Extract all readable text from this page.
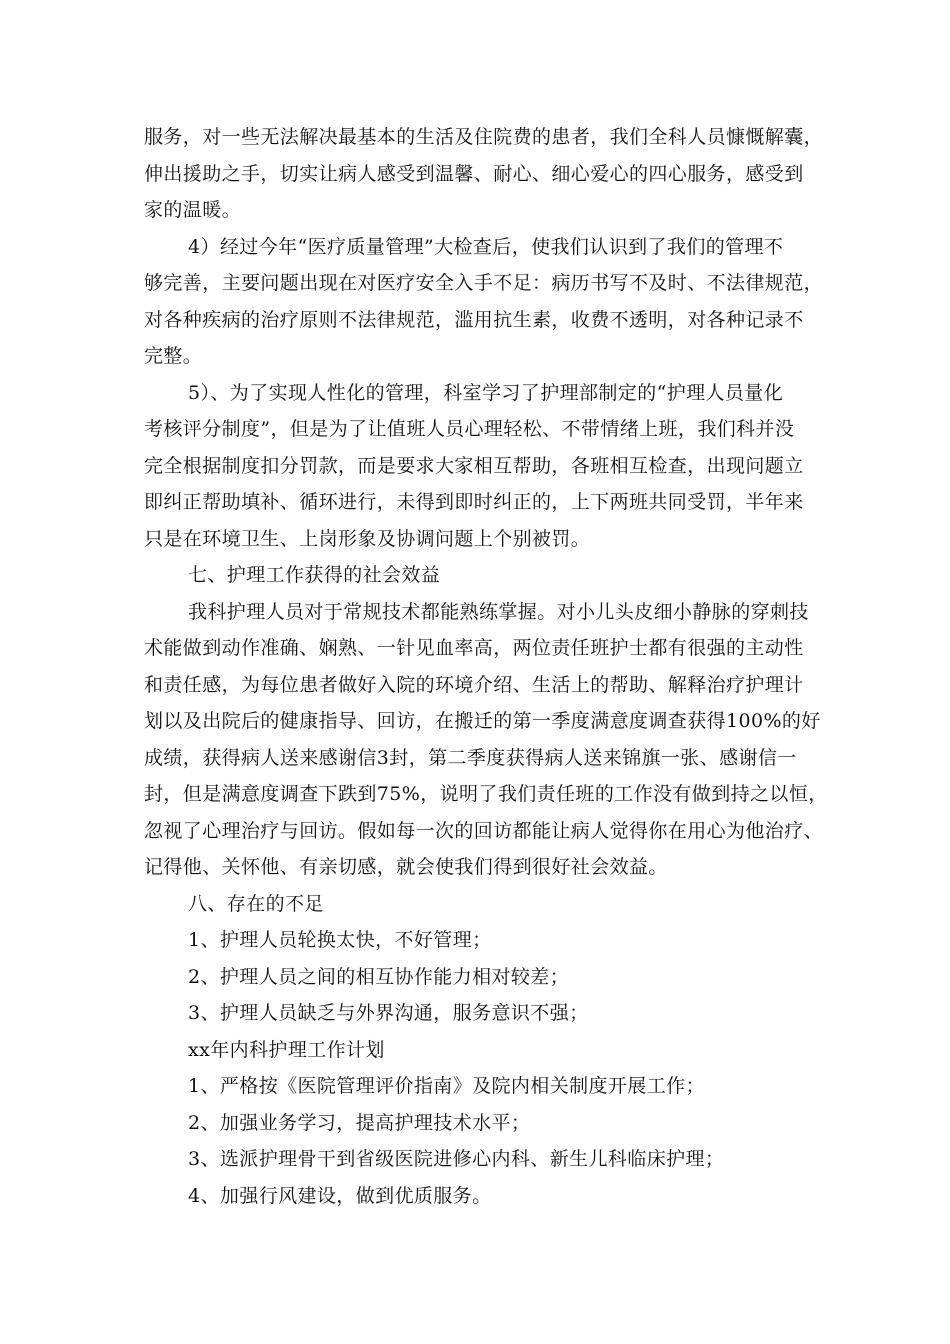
服务，对一些无法解决最基本的生活及住院费的患者，我们全科人员慷慨解囊，
伸出援助之手，切实让病人感受到温馨、耐心、细心爱心的四心服务，感受到
家的温暖。
4）经过今年“医疗质量管理”大检查后，使我们认识到了我们的管理不
够完善，主要问题出现在对医疗安全入手不足：病历书写不及时、不法律规范，
对各种疾病的治疗原则不法律规范，滥用抗生素，收费不透明，对各种记录不
完整。
5）、为了实现人性化的管理，科室学习了护理部制定的“护理人员量化
考核评分制度”，但是为了让值班人员心理轻松、不带情绪上班，我们科并没
完全根据制度扣分罚款，而是要求大家相互帮助，各班相互检查，出现问题立
即纠正帮助填补、循环进行，未得到即时纠正的，上下两班共同受罚，半年来
只是在环境卫生、上岗形象及协调问题上个别被罚。
七、护理工作获得的社会效益
我科护理人员对于常规技术都能熟练掌握。对小儿头皮细小静脉的穿刺技
术能做到动作准确、娴熟、一针见血率高，两位责任班护士都有很强的主动性
和责任感，为每位患者做好入院的环境介绍、生活上的帮助、解释治疗护理计
划以及出院后的健康指导、回访，在搬迁的第一季度满意度调查获得100%的好
成绩，获得病人送来感谢信3封，第二季度获得病人送来锦旗一张、感谢信一
封，但是满意度调查下跌到75%，说明了我们责任班的工作没有做到持之以恒，
忽视了心理治疗与回访。假如每一次的回访都能让病人觉得你在用心为他治疗、
记得他、关怀他、有亲切感，就会使我们得到很好社会效益。
八、存在的不足
1、护理人员轮换太快，不好管理；
2、护理人员之间的相互协作能力相对较差；
3、护理人员缺乏与外界沟通，服务意识不强；
xx年内科护理工作计划
1、严格按《医院管理评价指南》及院内相关制度开展工作；
2、加强业务学习，提高护理技术水平；
3、选派护理骨干到省级医院进修心内科、新生儿科临床护理；
4、加强行风建设，做到优质服务。
